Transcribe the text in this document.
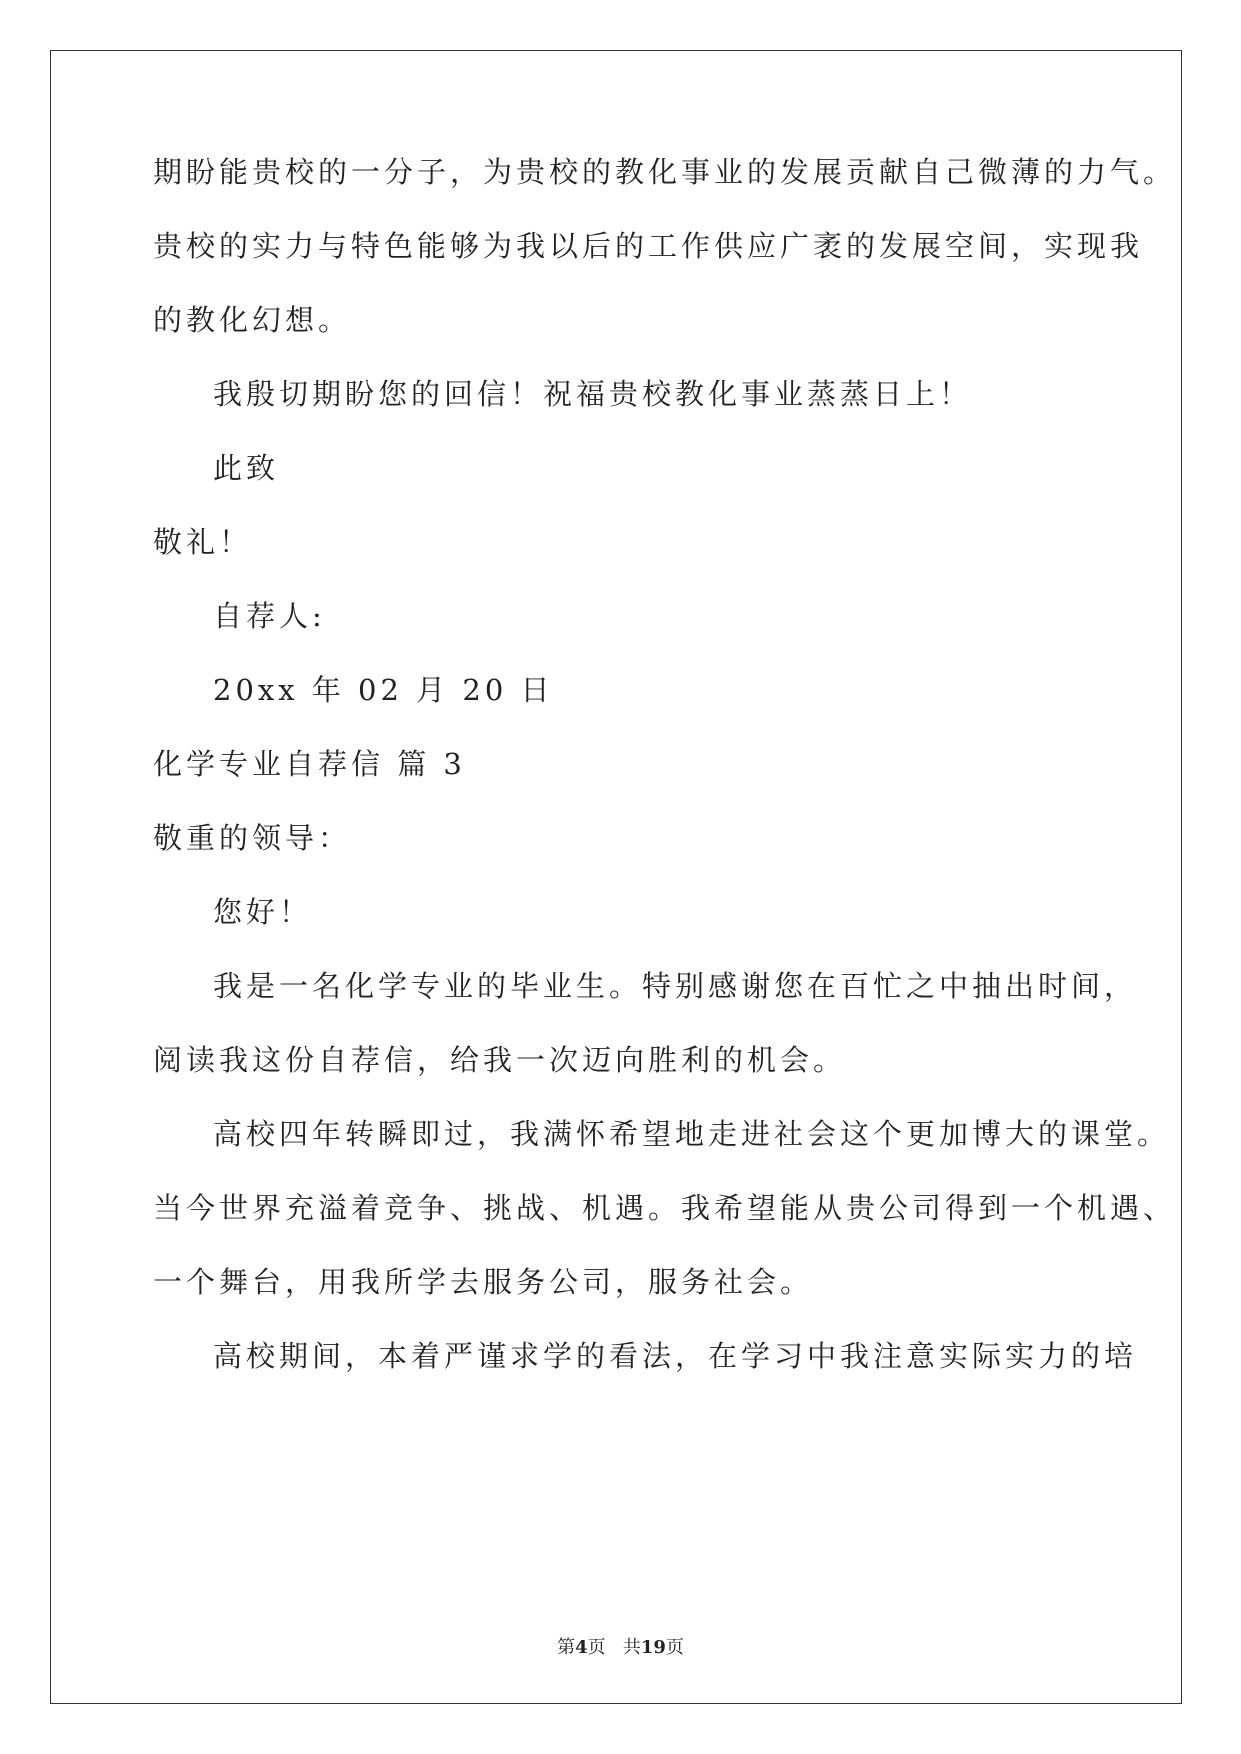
期盼能贵校的一分子，为贵校的教化事业的发展贡献自己微薄的力气。
贵校的实力与特色能够为我以后的工作供应广袤的发展空间，实现我
的教化幻想。
我殷切期盼您的回信！祝福贵校教化事业蒸蒸日上！
此致
敬礼！
自荐人:
20xx 年 02 月 20 日
化学专业自荐信 篇 3
敬重的领导：
您好！
我是一名化学专业的毕业生。特别感谢您在百忙之中抽出时间，
阅读我这份自荐信，给我一次迈向胜利的机会。
高校四年转瞬即过，我满怀希望地走进社会这个更加博大的课堂。
当今世界充溢着竞争、挑战、机遇。我希望能从贵公司得到一个机遇、
一个舞台，用我所学去服务公司，服务社会。
高校期间，本着严谨求学的看法，在学习中我注意实际实力的培
第4页 共19页
